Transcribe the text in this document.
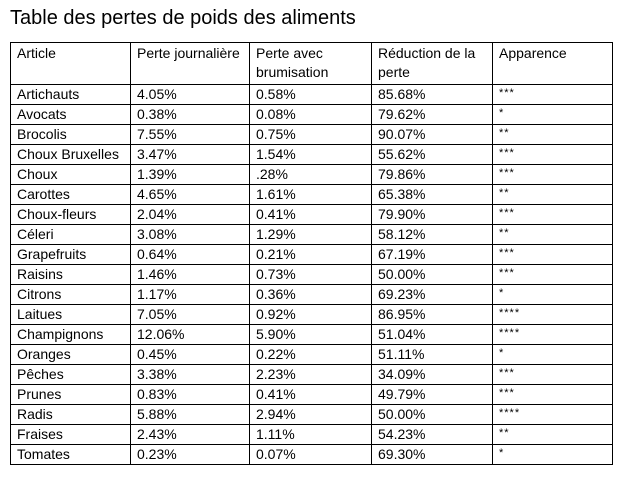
Table des pertes de poids des aliments
Article	Perte journalière	Perte avec brumisation	Réduction de la perte	Apparence
Artichauts	4.05%	0.58%	85.68%	***
Avocats	0.38%	0.08%	79.62%	*
Brocolis	7.55%	0.75%	90.07%	**
Choux Bruxelles	3.47%	1.54%	55.62%	***
Choux	1.39%	.28%	79.86%	***
Carottes	4.65%	1.61%	65.38%	**
Choux-fleurs	2.04%	0.41%	79.90%	***
Céleri	3.08%	1.29%	58.12%	**
Grapefruits	0.64%	0.21%	67.19%	***
Raisins	1.46%	0.73%	50.00%	***
Citrons	1.17%	0.36%	69.23%	*
Laitues	7.05%	0.92%	86.95%	****
Champignons	12.06%	5.90%	51.04%	****
Oranges	0.45%	0.22%	51.11%	*
Pêches	3.38%	2.23%	34.09%	***
Prunes	0.83%	0.41%	49.79%	***
Radis	5.88%	2.94%	50.00%	****
Fraises	2.43%	1.11%	54.23%	**
Tomates	0.23%	0.07%	69.30%	*
